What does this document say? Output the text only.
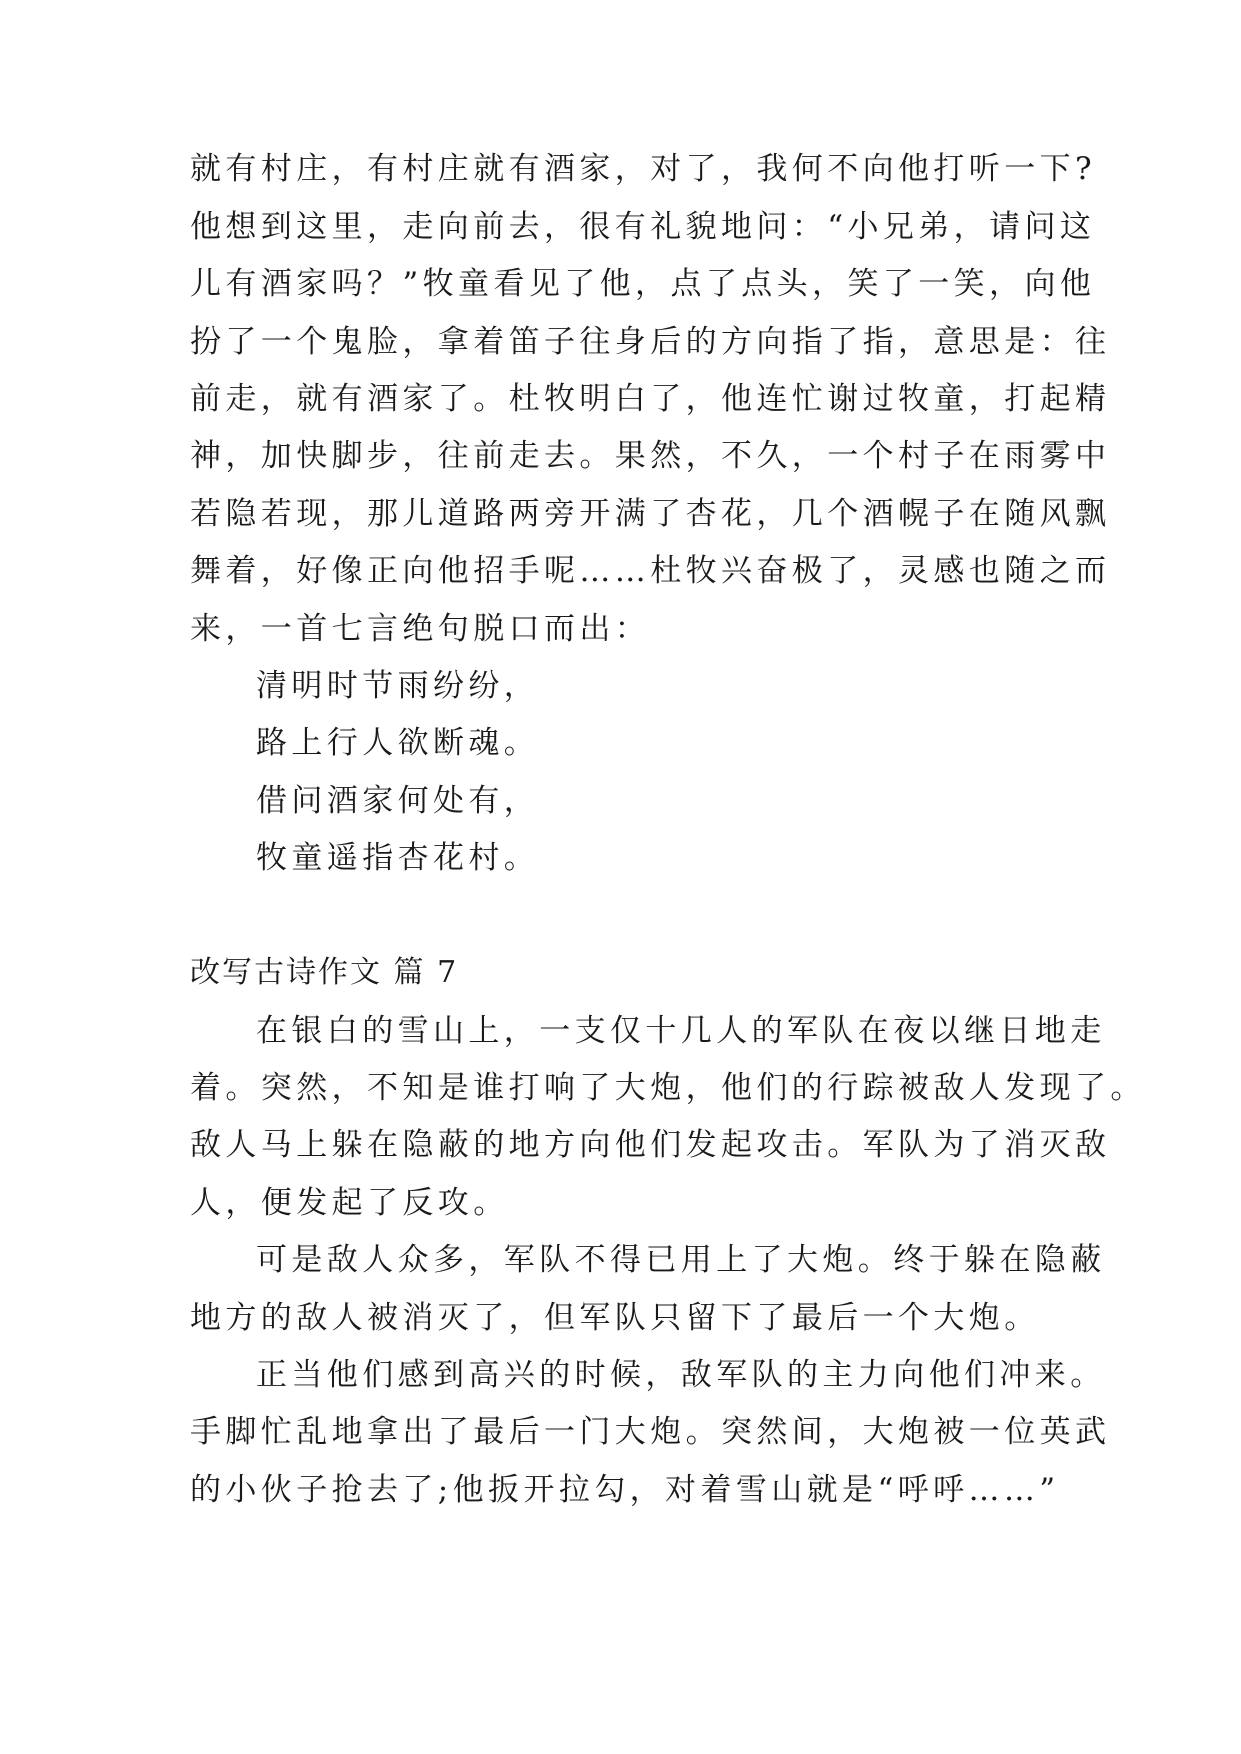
就有村庄，有村庄就有酒家，对了，我何不向他打听一下?
他想到这里，走向前去，很有礼貌地问：“小兄弟，请问这
儿有酒家吗？”牧童看见了他，点了点头，笑了一笑，向他
扮了一个鬼脸，拿着笛子往身后的方向指了指，意思是：往
前走，就有酒家了。杜牧明白了，他连忙谢过牧童，打起精
神，加快脚步，往前走去。果然，不久，一个村子在雨雾中
若隐若现，那儿道路两旁开满了杏花，几个酒幌子在随风飘
舞着，好像正向他招手呢……杜牧兴奋极了，灵感也随之而
来，一首七言绝句脱口而出：
清明时节雨纷纷，
路上行人欲断魂。
借问酒家何处有，
牧童遥指杏花村。
改写古诗作文 篇 7
在银白的雪山上，一支仅十几人的军队在夜以继日地走
着。突然，不知是谁打响了大炮，他们的行踪被敌人发现了。
敌人马上躲在隐蔽的地方向他们发起攻击。军队为了消灭敌
人，便发起了反攻。
可是敌人众多，军队不得已用上了大炮。终于躲在隐蔽
地方的敌人被消灭了，但军队只留下了最后一个大炮。
正当他们感到高兴的时候，敌军队的主力向他们冲来。
手脚忙乱地拿出了最后一门大炮。突然间，大炮被一位英武
的小伙子抢去了;他扳开拉勾，对着雪山就是“呼呼……”
